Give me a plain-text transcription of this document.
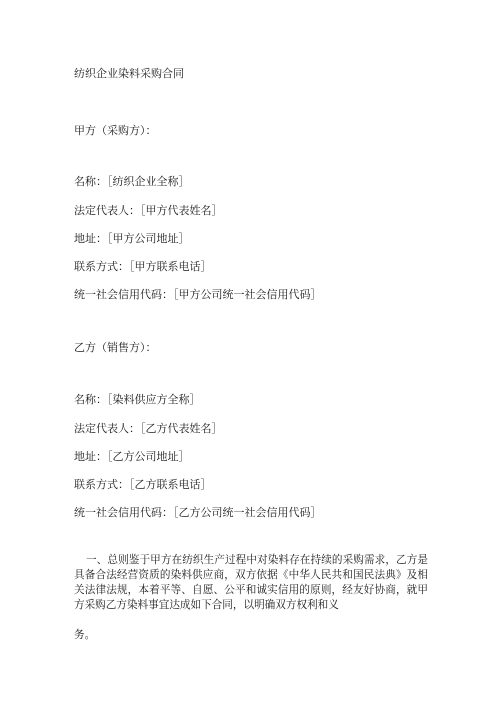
纺织企业染料采购合同
甲方（采购方）：
名称：［纺织企业全称］
法定代表人：［甲方代表姓名］
地址：［甲方公司地址］
联系方式：［甲方联系电话］
统一社会信用代码：［甲方公司统一社会信用代码］
乙方（销售方）：
名称：［染料供应方全称］
法定代表人：［乙方代表姓名］
地址：［乙方公司地址］
联系方式：［乙方联系电话］
统一社会信用代码：［乙方公司统一社会信用代码］
一、总则鉴于甲方在纺织生产过程中对染料存在持续的采购需求，乙方是具备合法经营资质的染料供应商，双方依据《中华人民共和国民法典》及相关法律法规，本着平等、自愿、公平和诚实信用的原则，经友好协商，就甲方采购乙方染料事宜达成如下合同，以明确双方权利和义
务。
